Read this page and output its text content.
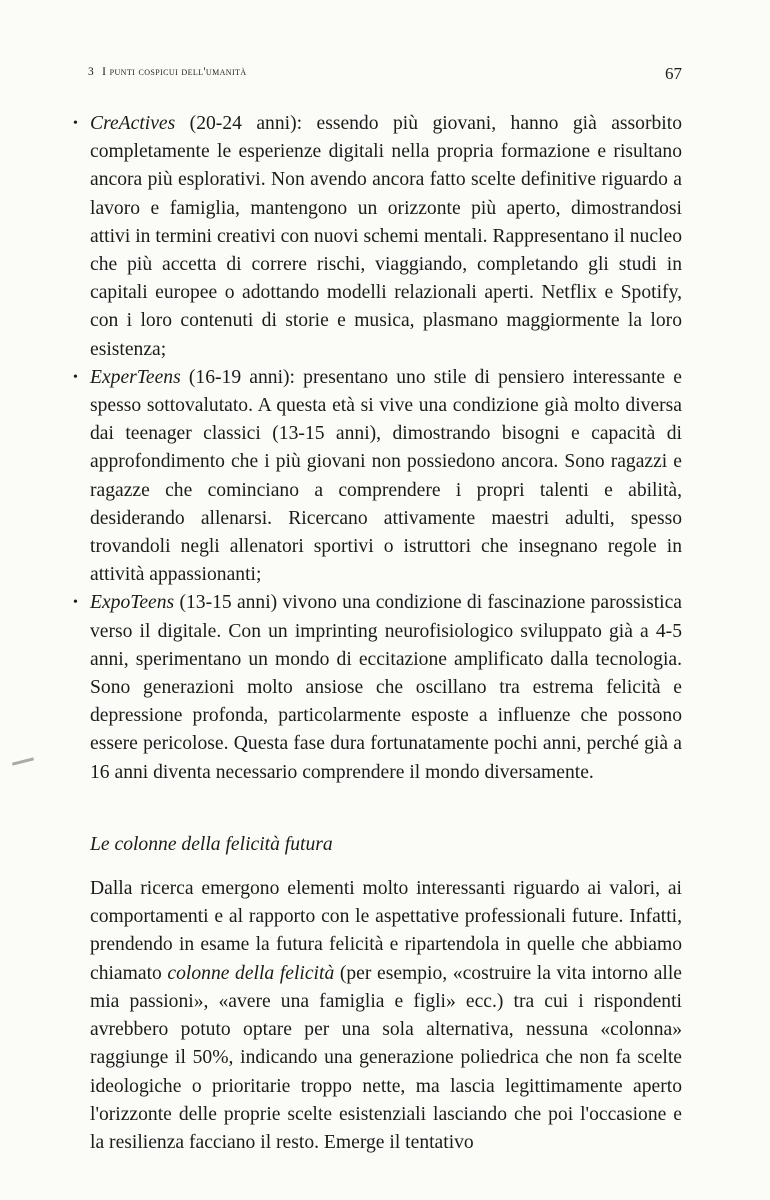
3 I punti cospicui dell'umanità	67
• CreActives (20-24 anni): essendo più giovani, hanno già assorbito completamente le esperienze digitali nella propria formazione e risultano ancora più esplorativi. Non avendo ancora fatto scelte definitive riguardo a lavoro e famiglia, mantengono un orizzonte più aperto, dimostrandosi attivi in termini creativi con nuovi schemi mentali. Rappresentano il nucleo che più accetta di correre rischi, viaggiando, completando gli studi in capitali europee o adottando modelli relazionali aperti. Netflix e Spotify, con i loro contenuti di storie e musica, plasmano maggiormente la loro esistenza;
• ExperTeens (16-19 anni): presentano uno stile di pensiero interessante e spesso sottovalutato. A questa età si vive una condizione già molto diversa dai teenager classici (13-15 anni), dimostrando bisogni e capacità di approfondimento che i più giovani non possiedono ancora. Sono ragazzi e ragazze che cominciano a comprendere i propri talenti e abilità, desiderando allenarsi. Ricercano attivamente maestri adulti, spesso trovandoli negli allenatori sportivi o istruttori che insegnano regole in attività appassionanti;
• ExpoTeens (13-15 anni) vivono una condizione di fascinazione parossistica verso il digitale. Con un imprinting neurofisiologico sviluppato già a 4-5 anni, sperimentano un mondo di eccitazione amplificato dalla tecnologia. Sono generazioni molto ansiose che oscillano tra estrema felicità e depressione profonda, particolarmente esposte a influenze che possono essere pericolose. Questa fase dura fortunatamente pochi anni, perché già a 16 anni diventa necessario comprendere il mondo diversamente.
Le colonne della felicità futura

Dalla ricerca emergono elementi molto interessanti riguardo ai valori, ai comportamenti e al rapporto con le aspettative professionali future. Infatti, prendendo in esame la futura felicità e ripartendola in quelle che abbiamo chiamato colonne della felicità (per esempio, «costruire la vita intorno alle mia passioni», «avere una famiglia e figli» ecc.) tra cui i rispondenti avrebbero potuto optare per una sola alternativa, nessuna «colonna» raggiunge il 50%, indicando una generazione poliedrica che non fa scelte ideologiche o prioritarie troppo nette, ma lascia legittimamente aperto l'orizzonte delle proprie scelte esistenziali lasciando che poi l'occasione e la resilienza facciano il resto. Emerge il tentativo
